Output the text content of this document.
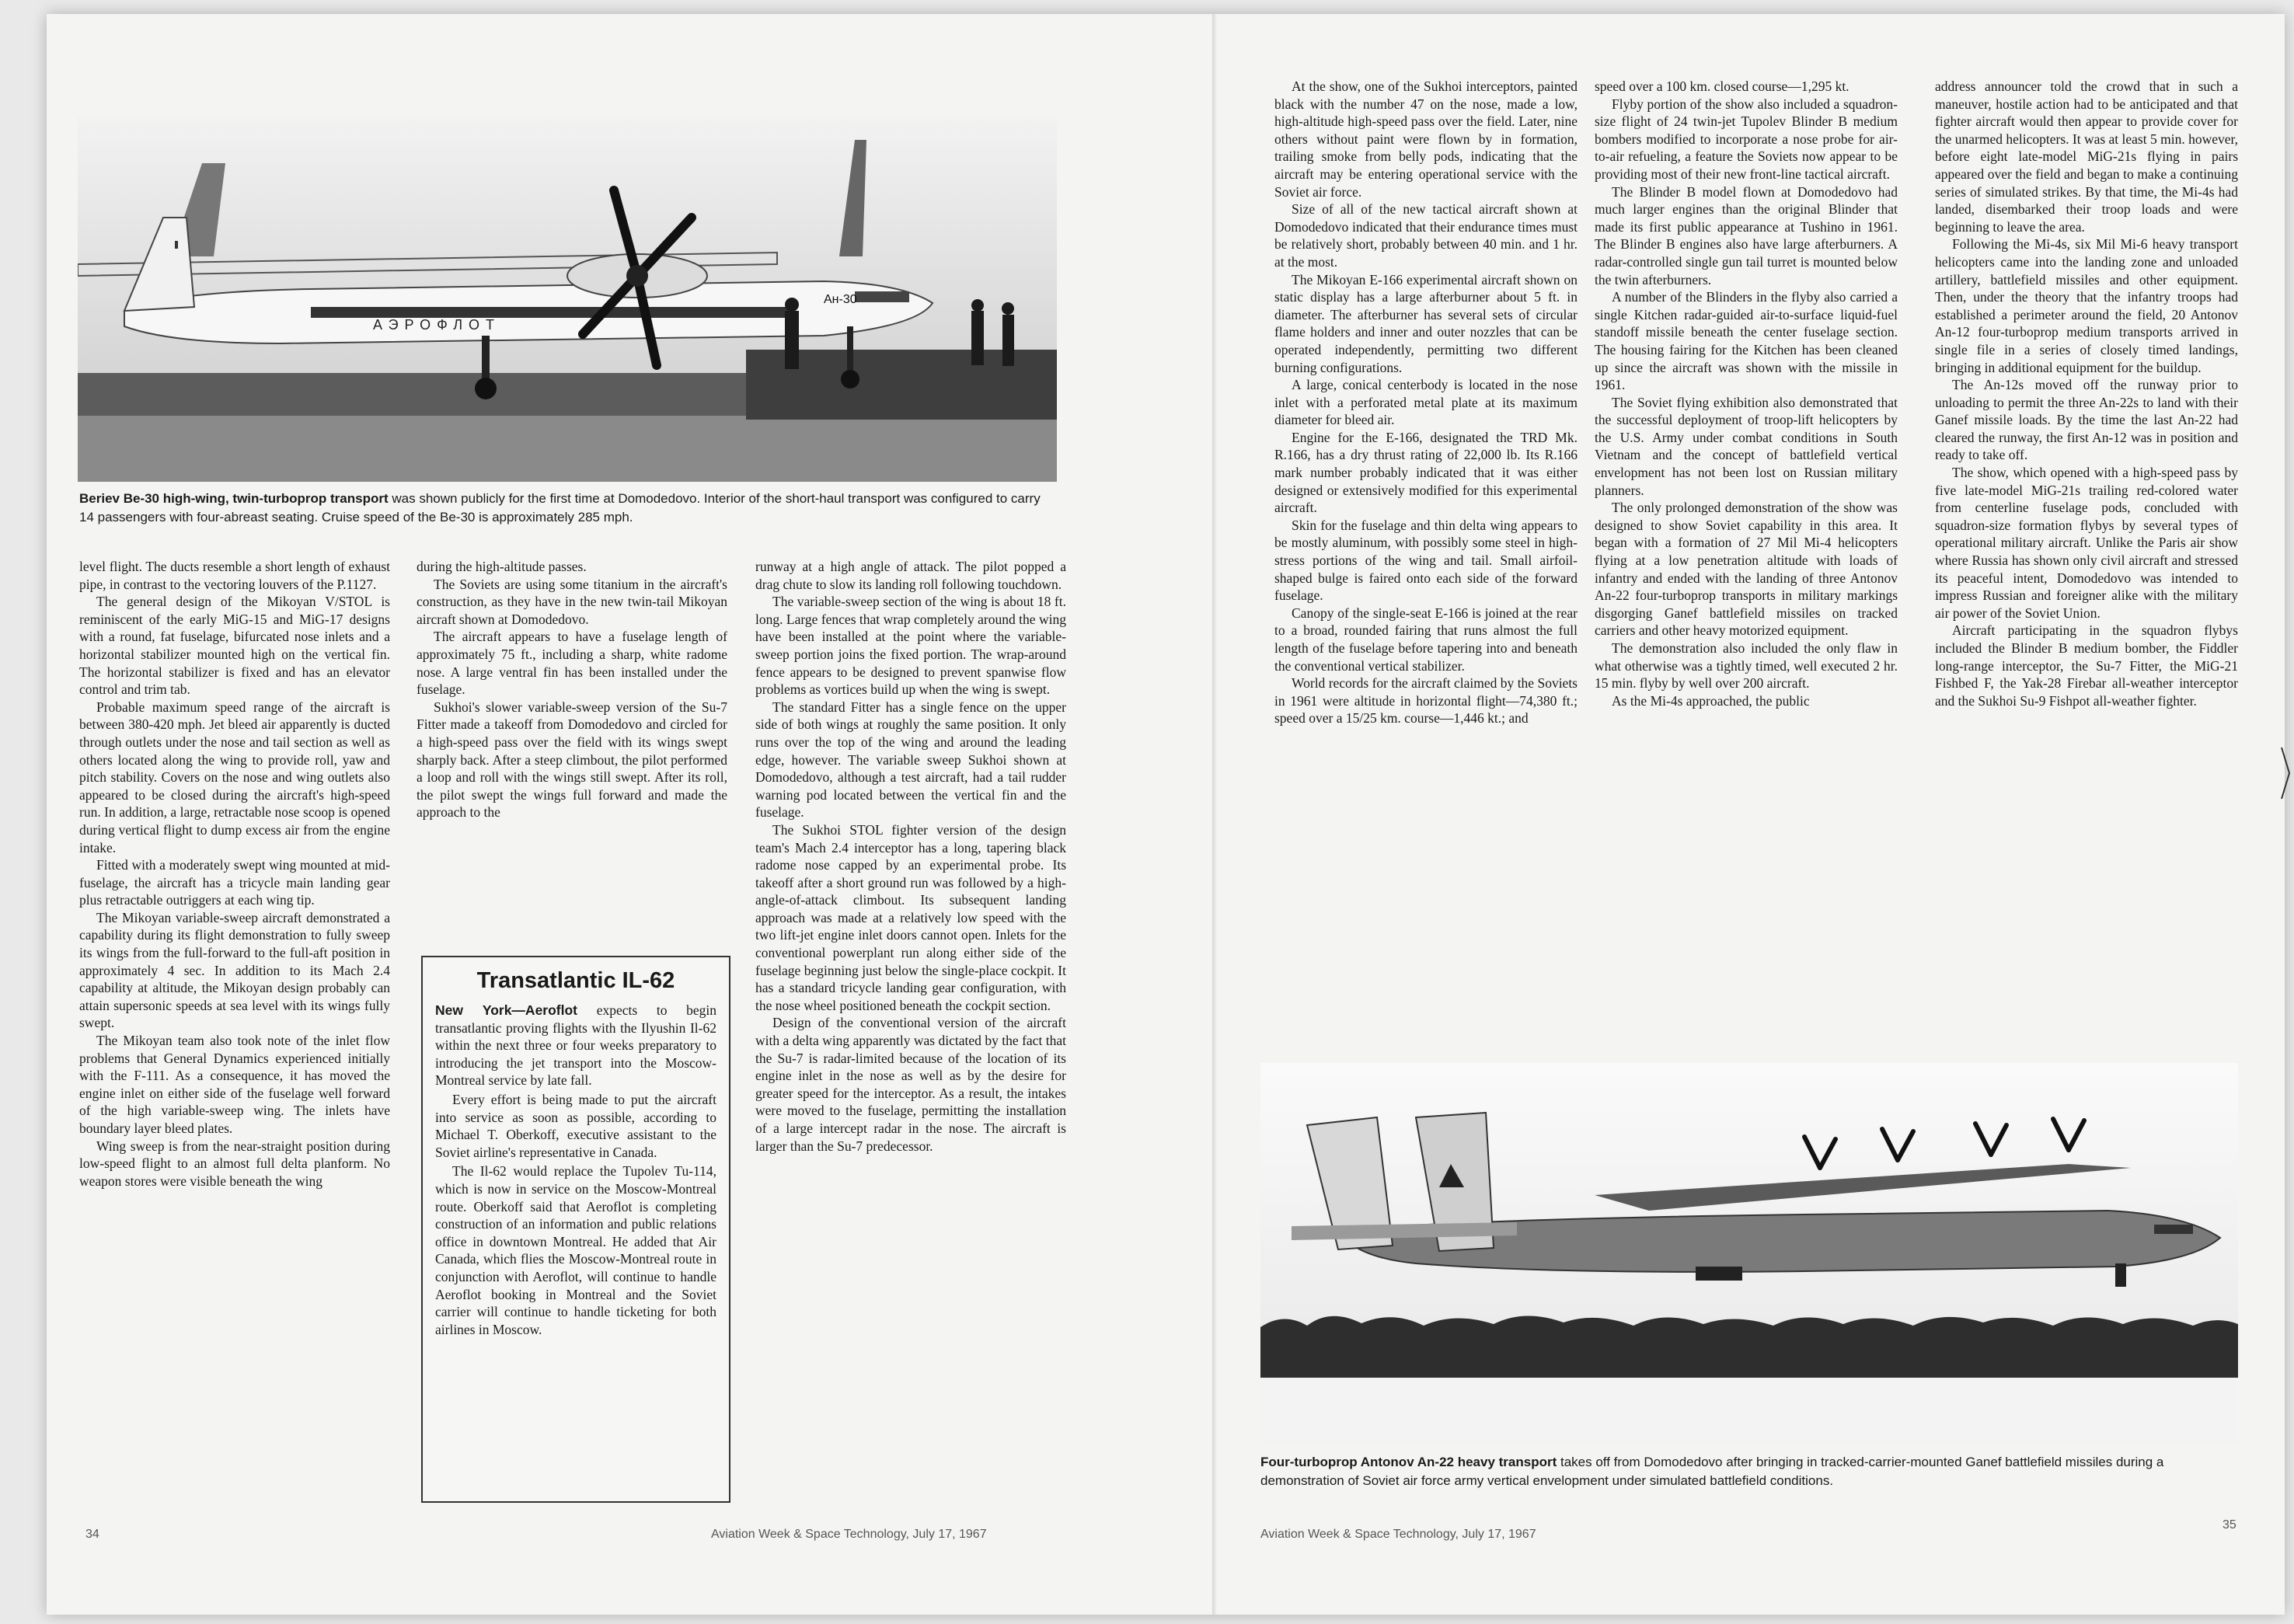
АЭРОФЛОТ
Ан-30
Beriev Be-30 high-wing, twin-turboprop transport was shown publicly for the first time at Domodedovo. Interior of the short-haul transport was configured to carry 14 passengers with four-abreast seating. Cruise speed of the Be-30 is approximately 285 mph.

level flight. The ducts resemble a short length of exhaust pipe, in contrast to the vectoring louvers of the P.1127.

The general design of the Mikoyan V/STOL is reminiscent of the early MiG-15 and MiG-17 designs with a round, fat fuselage, bifurcated nose inlets and a horizontal stabilizer mounted high on the vertical fin. The horizontal stabilizer is fixed and has an elevator control and trim tab.

Probable maximum speed range of the aircraft is between 380-420 mph. Jet bleed air apparently is ducted through outlets under the nose and tail section as well as others located along the wing to provide roll, yaw and pitch stability. Covers on the nose and wing outlets also appeared to be closed during the aircraft's high-speed run. In addition, a large, retractable nose scoop is opened during vertical flight to dump excess air from the engine intake.

Fitted with a moderately swept wing mounted at mid-fuselage, the aircraft has a tricycle main landing gear plus retractable outriggers at each wing tip.

The Mikoyan variable-sweep aircraft demonstrated a capability during its flight demonstration to fully sweep its wings from the full-forward to the full-aft position in approximately 4 sec. In addition to its Mach 2.4 capability at altitude, the Mikoyan design probably can attain supersonic speeds at sea level with its wings fully swept.

The Mikoyan team also took note of the inlet flow problems that General Dynamics experienced initially with the F-111. As a consequence, it has moved the engine inlet on either side of the fuselage well forward of the high variable-sweep wing. The inlets have boundary layer bleed plates.

Wing sweep is from the near-straight position during low-speed flight to an almost full delta planform. No weapon stores were visible beneath the wing

during the high-altitude passes.

The Soviets are using some titanium in the aircraft's construction, as they have in the new twin-tail Mikoyan aircraft shown at Domodedovo.

The aircraft appears to have a fuselage length of approximately 75 ft., including a sharp, white radome nose. A large ventral fin has been installed under the fuselage.

Sukhoi's slower variable-sweep version of the Su-7 Fitter made a takeoff from Domodedovo and circled for a high-speed pass over the field with its wings swept sharply back. After a steep climbout, the pilot performed a loop and roll with the wings still swept. After its roll, the pilot swept the wings full forward and made the approach to the

Transatlantic IL-62

New York—Aeroflot expects to begin transatlantic proving flights with the Ilyushin Il-62 within the next three or four weeks preparatory to introducing the jet transport into the Moscow-Montreal service by late fall.

Every effort is being made to put the aircraft into service as soon as possible, according to Michael T. Oberkoff, executive assistant to the Soviet airline's representative in Canada.

The Il-62 would replace the Tupolev Tu-114, which is now in service on the Moscow-Montreal route. Oberkoff said that Aeroflot is completing construction of an information and public relations office in downtown Montreal. He added that Air Canada, which flies the Moscow-Montreal route in conjunction with Aeroflot, will continue to handle Aeroflot booking in Montreal and the Soviet carrier will continue to handle ticketing for both airlines in Moscow.

runway at a high angle of attack. The pilot popped a drag chute to slow its landing roll following touchdown.

The variable-sweep section of the wing is about 18 ft. long. Large fences that wrap completely around the wing have been installed at the point where the variable-sweep portion joins the fixed portion. The wrap-around fence appears to be designed to prevent spanwise flow problems as vortices build up when the wing is swept.

The standard Fitter has a single fence on the upper side of both wings at roughly the same position. It only runs over the top of the wing and around the leading edge, however. The variable sweep Sukhoi shown at Domodedovo, although a test aircraft, had a tail rudder warning pod located between the vertical fin and the fuselage.

The Sukhoi STOL fighter version of the design team's Mach 2.4 interceptor has a long, tapering black radome nose capped by an experimental probe. Its takeoff after a short ground run was followed by a high-angle-of-attack climbout. Its subsequent landing approach was made at a relatively low speed with the two lift-jet engine inlet doors cannot open. Inlets for the conventional powerplant run along either side of the fuselage beginning just below the single-place cockpit. It has a standard tricycle landing gear configuration, with the nose wheel positioned beneath the cockpit section.

Design of the conventional version of the aircraft with a delta wing apparently was dictated by the fact that the Su-7 is radar-limited because of the location of its engine inlet in the nose as well as by the desire for greater speed for the interceptor. As a result, the intakes were moved to the fuselage, permitting the installation of a large intercept radar in the nose. The aircraft is larger than the Su-7 predecessor.

34	Aviation Week & Space Technology, July 17, 1967

At the show, one of the Sukhoi interceptors, painted black with the number 47 on the nose, made a low, high-altitude high-speed pass over the field. Later, nine others without paint were flown by in formation, trailing smoke from belly pods, indicating that the aircraft may be entering operational service with the Soviet air force.

Size of all of the new tactical aircraft shown at Domodedovo indicated that their endurance times must be relatively short, probably between 40 min. and 1 hr. at the most.

The Mikoyan E-166 experimental aircraft shown on static display has a large afterburner about 5 ft. in diameter. The afterburner has several sets of circular flame holders and inner and outer nozzles that can be operated independently, permitting two different burning configurations.

A large, conical centerbody is located in the nose inlet with a perforated metal plate at its maximum diameter for bleed air.

Engine for the E-166, designated the TRD Mk. R.166, has a dry thrust rating of 22,000 lb. Its R.166 mark number probably indicated that it was either designed or extensively modified for this experimental aircraft.

Skin for the fuselage and thin delta wing appears to be mostly aluminum, with possibly some steel in high-stress portions of the wing and tail. Small airfoil-shaped bulge is faired onto each side of the forward fuselage.

Canopy of the single-seat E-166 is joined at the rear to a broad, rounded fairing that runs almost the full length of the fuselage before tapering into and beneath the conventional vertical stabilizer.

World records for the aircraft claimed by the Soviets in 1961 were altitude in horizontal flight—74,380 ft.; speed over a 15/25 km. course—1,446 kt.; and

speed over a 100 km. closed course—1,295 kt.

Flyby portion of the show also included a squadron-size flight of 24 twin-jet Tupolev Blinder B medium bombers modified to incorporate a nose probe for air-to-air refueling, a feature the Soviets now appear to be providing most of their new front-line tactical aircraft.

The Blinder B model flown at Domodedovo had much larger engines than the original Blinder that made its first public appearance at Tushino in 1961. The Blinder B engines also have large afterburners. A radar-controlled single gun tail turret is mounted below the twin afterburners.

A number of the Blinders in the flyby also carried a single Kitchen radar-guided air-to-surface liquid-fuel standoff missile beneath the center fuselage section. The housing fairing for the Kitchen has been cleaned up since the aircraft was shown with the missile in 1961.

The Soviet flying exhibition also demonstrated that the successful deployment of troop-lift helicopters by the U.S. Army under combat conditions in South Vietnam and the concept of battlefield vertical envelopment has not been lost on Russian military planners.

The only prolonged demonstration of the show was designed to show Soviet capability in this area. It began with a formation of 27 Mil Mi-4 helicopters flying at a low penetration altitude with loads of infantry and ended with the landing of three Antonov An-22 four-turboprop transports in military markings disgorging Ganef battlefield missiles on tracked carriers and other heavy motorized equipment.

The demonstration also included the only flaw in what otherwise was a tightly timed, well executed 2 hr. 15 min. flyby by well over 200 aircraft.

As the Mi-4s approached, the public

address announcer told the crowd that in such a maneuver, hostile action had to be anticipated and that fighter aircraft would then appear to provide cover for the unarmed helicopters. It was at least 5 min. however, before eight late-model MiG-21s flying in pairs appeared over the field and began to make a continuing series of simulated strikes. By that time, the Mi-4s had landed, disembarked their troop loads and were beginning to leave the area.

Following the Mi-4s, six Mil Mi-6 heavy transport helicopters came into the landing zone and unloaded artillery, battlefield missiles and other equipment. Then, under the theory that the infantry troops had established a perimeter around the field, 20 Antonov An-12 four-turboprop medium transports arrived in single file in a series of closely timed landings, bringing in additional equipment for the buildup.

The An-12s moved off the runway prior to unloading to permit the three An-22s to land with their Ganef missile loads. By the time the last An-22 had cleared the runway, the first An-12 was in position and ready to take off.

The show, which opened with a high-speed pass by five late-model MiG-21s trailing red-colored water from centerline fuselage pods, concluded with squadron-size formation flybys by several types of operational military aircraft. Unlike the Paris air show where Russia has shown only civil aircraft and stressed its peaceful intent, Domodedovo was intended to impress Russian and foreigner alike with the military air power of the Soviet Union.

Aircraft participating in the squadron flybys included the Blinder B medium bomber, the Fiddler long-range interceptor, the Su-7 Fitter, the MiG-21 Fishbed F, the Yak-28 Firebar all-weather interceptor and the Sukhoi Su-9 Fishpot all-weather fighter.

Four-turboprop Antonov An-22 heavy transport takes off from Domodedovo after bringing in tracked-carrier-mounted Ganef battlefield missiles during a demonstration of Soviet air force army vertical envelopment under simulated battlefield conditions.
Aviation Week & Space Technology, July 17, 1967
35
